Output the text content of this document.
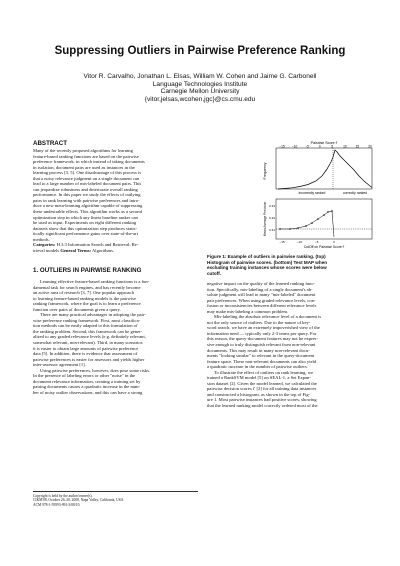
Suppressing Outliers in Pairwise Preference Ranking
Vitor R. Carvalho, Jonathan L. Elsas, William W. Cohen and Jaime G. Carbonell
Language Technologies Institute
Carnegie Mellon University
{vitor,jelsas,wcohen,jgc}@cs.cmu.edu
ABSTRACT

Many of the recently proposed algorithms for learning
feature-based ranking functions are based on the pairwise
preference framework, in which instead of taking documents
in isolation, document pairs are used as instances in the
learning process [3, 5]. One disadvantage of this process is
that a noisy relevance judgment on a single document can
lead to a large number of mis-labeled document pairs. This
can jeopardize robustness and deteriorate overall ranking
performance. In this paper we study the effects of outlying
pairs in rank learning with pairwise preferences and intro-
duce a new meta-learning algorithm capable of suppressing
these undesirable effects. This algorithm works as a second
optimization step in which any linear baseline ranker can
be used as input. Experiments on eight different ranking
datasets show that this optimization step produces statis-
tically significant performance gains over state-of-the-art
methods.

Categories: H.3.3 Information Search and Retrieval: Re-
trieval models General Terms: Algorithms.
1. OUTLIERS IN PAIRWISE RANKING
Learning effective feature-based ranking functions is a fun-
damental task for search engines, and has recently become
an active area of research [3, 7]. One popular approach
to learning feature-based ranking models is the pairwise
ranking framework, where the goal is to learn a preference
function over pairs of documents given a query.
There are many practical advantages in adopting the pair-
wise preference ranking framework. First, most classifica-
tion methods can be easily adapted to this formulation of
the ranking problem. Second, this framework can be gener-
alized to any graded relevance levels (e.g. definitely relevant,
somewhat relevant, non-relevant). Third, in many scenarios
it is easier to obtain large amounts of pairwise preference
data [5]. In addition, there is evidence that assessment of
pairwise preferences is easier for assessors and yields higher
inter-assessor agreement [1].
Using pairwise preferences, however, does pose some risks.
In the presence of labeling errors or other "noise" in the
document relevance information, creating a training set by
pairing documents causes a quadratic increase in the num-
ber of noisy outlier observations, and this can have a strong
Copyright is held by the author/owner(s).
CIKM'08, October 26–30, 2008, Napa Valley, California, USA.
ACM 978-1-59593-991-3/08/10.
Pairwise Score f′
−15 −10	−5	0	5	10	15	20
Frequency
incorrectly ranked	correctly ranked
0.33
0.32
0.31
−15	−10	−5	0
Mean Average Precision
CutOff on Pairwise Score f′
Figure 1: Example of outliers in pairwise ranking. (top)
Histogram of pairwise scores. (bottom) Test MAP when
excluding training instances whose scores were below
cutoff.
negative impact on the quality of the learned ranking func-
tion. Specifically, mis-labeling of a single document's ab-
solute judgment will lead to many "mis-labeled" document
pair preferences. When using graded relevance levels, con-
fusion or inconsistencies between different relevance levels
may make mis-labeling a common problem.
Mis-labeling the absolute relevance level of a document is
not the only source of outliers. Due to the nature of key-
word search, we have an extremely impoverished view of the
information need — typically only 2-3 terms per query. For
this reason, the query-document features may not be expres-
sive enough to truly distinguish relevant from non-relevant
documents. This may result in many non-relevant docu-
ments "looking similar" to relevant in the query-document
feature space. These non-relevant documents can also yield
a quadratic increase in the number of pairwise outliers.
To illustrate the effect of outliers on rank learning, we
trained a RankSVM model [5] on SEAL-1, a Set Expan-
sion dataset [2]. Given the model learned, we calculated the
pairwise decision scores f′ [2] for all training data instances
and constructed a histogram, as shown in the top of Fig-
ure 1. Most pairwise instances had positive scores, showing
that the learned ranking model correctly ordered most of the
